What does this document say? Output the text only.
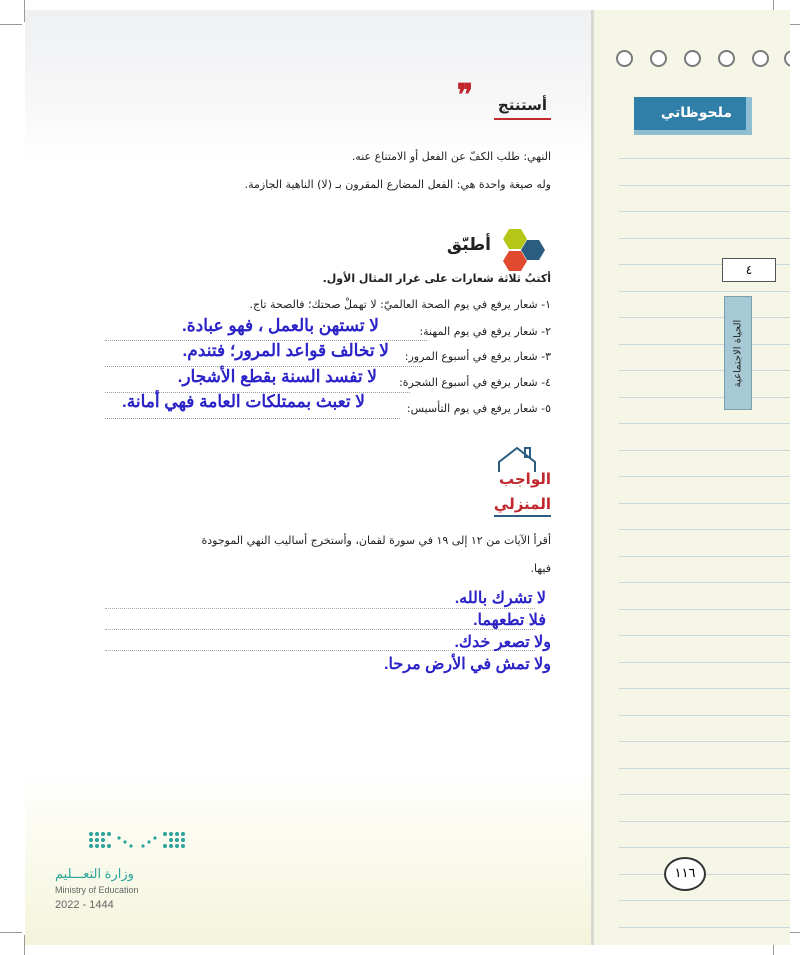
❞ أستنتج
النهي: طلب الكفّ عن الفعل أو الامتناع عنه.
وله صيغة واحدة هي: الفعل المضارع المقرون بـ (لا) الناهية الجازمة.
أطبّق
أكتبُ ثلاثة شعارات على غرار المثال الأول.
١- شعار يرفع في يوم الصحة العالميّ: لا تهملْ صحتك؛ فالصحة تاج.
٢- شعار يرفع في يوم المهنة:
لا تستهن بالعمل ، فهو عبادة.
٣- شعار يرفع في أسبوع المرور:
لا تخالف قواعد المرور؛ فتندم.
٤- شعار يرفع في أسبوع الشجرة:
لا تفسد السنة بقطع الأشجار.
٥- شعار يرفع في يوم التأسيس:
لا تعبث بممتلكات العامة فهي أمانة.
الواجب
المنزلي
أقرأ الآيات من ١٢ إلى ١٩ في سورة لقمان، وأستخرج أساليب النهي الموجودة
فيها.
لا تشرك بالله.
فلا تطعهما.
ولا تصعر خدك.
ولا تمش في الأرض مرحا.
وزارة التعـــليم
Ministry of Education
2022 - 1444
ملحوظاتي
٤
الحياة الاجتماعية
١١٦
